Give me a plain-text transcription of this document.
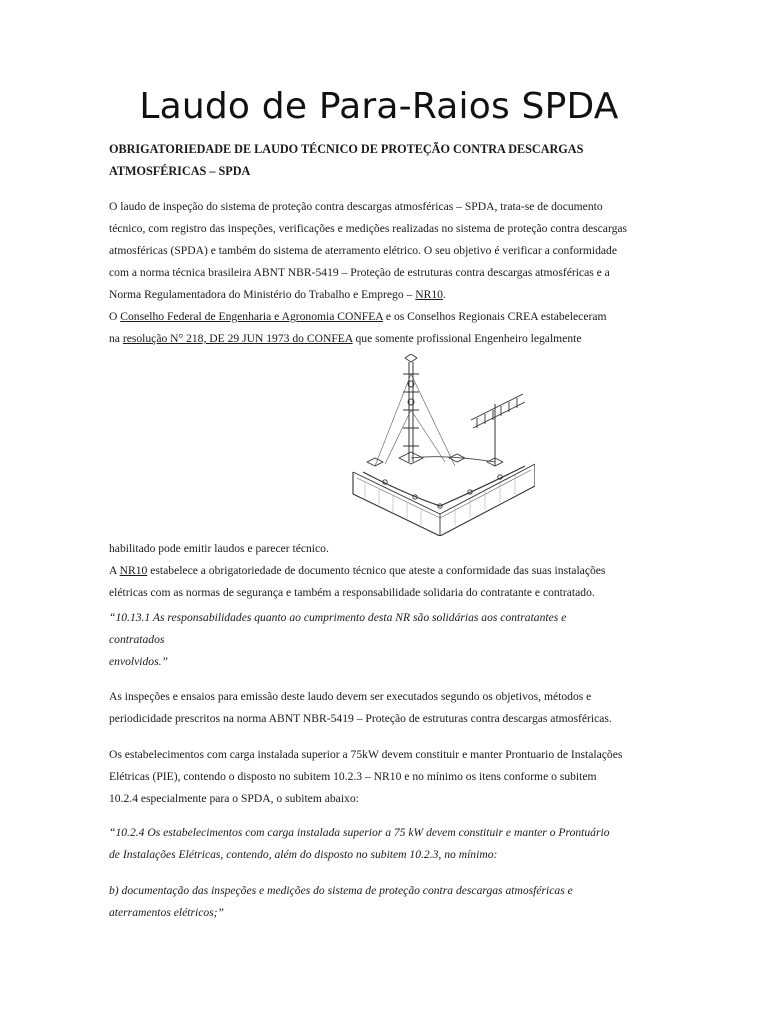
Laudo de Para-Raios SPDA
OBRIGATORIEDADE DE LAUDO TÉCNICO DE PROTEÇÃO CONTRA DESCARGAS
ATMOSFÉRICAS – SPDA
O laudo de inspeção do sistema de proteção contra descargas atmosféricas – SPDA, trata-se de documento
técnico, com registro das inspeções, verificações e medições realizadas no sistema de proteção contra descargas
atmosféricas (SPDA) e também do sistema de aterramento elétrico. O seu objetivo é verificar a conformidade
com a norma técnica brasileira ABNT NBR-5419 – Proteção de estruturas contra descargas atmosféricas e a
Norma Regulamentadora do Ministério do Trabalho e Emprego – NR10.
O Conselho Federal de Engenharia e Agronomia CONFEA e os Conselhos Regionais CREA estabeleceram
na resolução N° 218, DE 29 JUN 1973 do CONFEA que somente profissional Engenheiro legalmente
habilitado pode emitir laudos e parecer técnico.
A NR10 estabelece a obrigatoriedade de documento técnico que ateste a conformidade das suas instalações
elétricas com as normas de segurança e também a responsabilidade solidaria do contratante e contratado.
“10.13.1 As responsabilidades quanto ao cumprimento desta NR são solidárias aos contratantes e
contratados
envolvidos.”
As inspeções e ensaios para emissão deste laudo devem ser executados segundo os objetivos, métodos e
periodicidade prescritos na norma ABNT NBR-5419 – Proteção de estruturas contra descargas atmosféricas.
Os estabelecimentos com carga instalada superior a 75kW devem constituir e manter Prontuario de Instalações
Elétricas (PIE), contendo o disposto no subitem 10.2.3 – NR10 e no mínimo os itens conforme o subitem
10.2.4 especialmente para o SPDA, o subitem abaixo:
“10.2.4 Os estabelecimentos com carga instalada superior a 75 kW devem constituir e manter o Prontuário
de Instalações Elétricas, contendo, além do disposto no subitem 10.2.3, no mínimo:
b) documentação das inspeções e medições do sistema de proteção contra descargas atmosféricas e
aterramentos elétricos;”
